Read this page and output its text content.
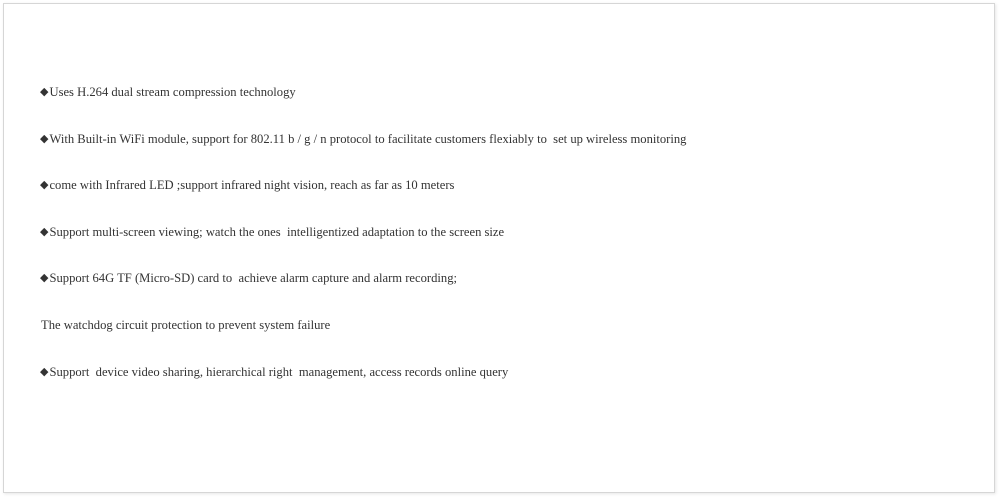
◆ Uses H.264 dual stream compression technology
◆ With Built-in WiFi module, support for 802.11 b / g / n protocol to facilitate customers flexiably to  set up wireless monitoring
◆ come with Infrared LED ;support infrared night vision, reach as far as 10 meters
◆ Support multi-screen viewing; watch the ones  intelligentized adaptation to the screen size
◆ Support 64G TF (Micro-SD) card to  achieve alarm capture and alarm recording;
The watchdog circuit protection to prevent system failure
◆ Support  device video sharing, hierarchical right  management, access records online query
